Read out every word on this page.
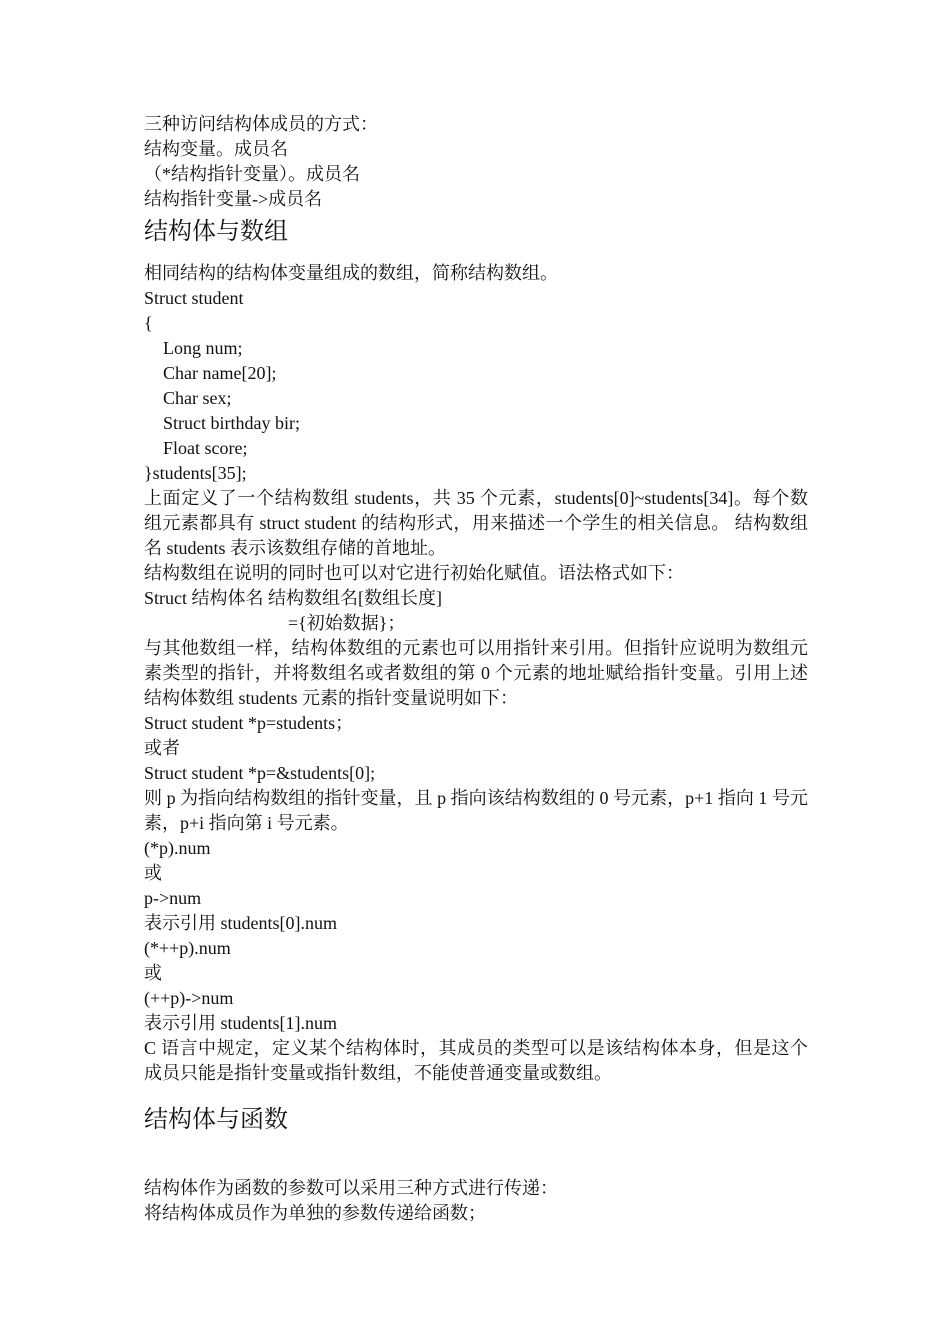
三种访问结构体成员的方式：
结构变量。成员名
（*结构指针变量）。成员名
结构指针变量->成员名
结构体与数组
相同结构的结构体变量组成的数组，简称结构数组。
Struct student
{
Long num;
Char name[20];
Char sex;
Struct birthday bir;
Float score;
}students[35];
上面定义了一个结构数组 students，共 35 个元素，students[0]~students[34]。每个数组元素都具有 struct student 的结构形式，用来描述一个学生的相关信息。 结构数组名 students 表示该数组存储的首地址。
结构数组在说明的同时也可以对它进行初始化赋值。语法格式如下：
Struct 结构体名 结构数组名[数组长度]
={初始数据}；
与其他数组一样，结构体数组的元素也可以用指针来引用。但指针应说明为数组元素类型的指针，并将数组名或者数组的第 0 个元素的地址赋给指针变量。引用上述结构体数组 students 元素的指针变量说明如下：
Struct student *p=students；
或者
Struct student *p=&students[0];
则 p 为指向结构数组的指针变量，且 p 指向该结构数组的 0 号元素，p+1 指向 1 号元素，p+i 指向第 i 号元素。
(*p).num
或
p->num
表示引用 students[0].num
(*++p).num
或
(++p)->num
表示引用 students[1].num
C 语言中规定，定义某个结构体时，其成员的类型可以是该结构体本身，但是这个成员只能是指针变量或指针数组，不能使普通变量或数组。
结构体与函数
结构体作为函数的参数可以采用三种方式进行传递：
将结构体成员作为单独的参数传递给函数；
